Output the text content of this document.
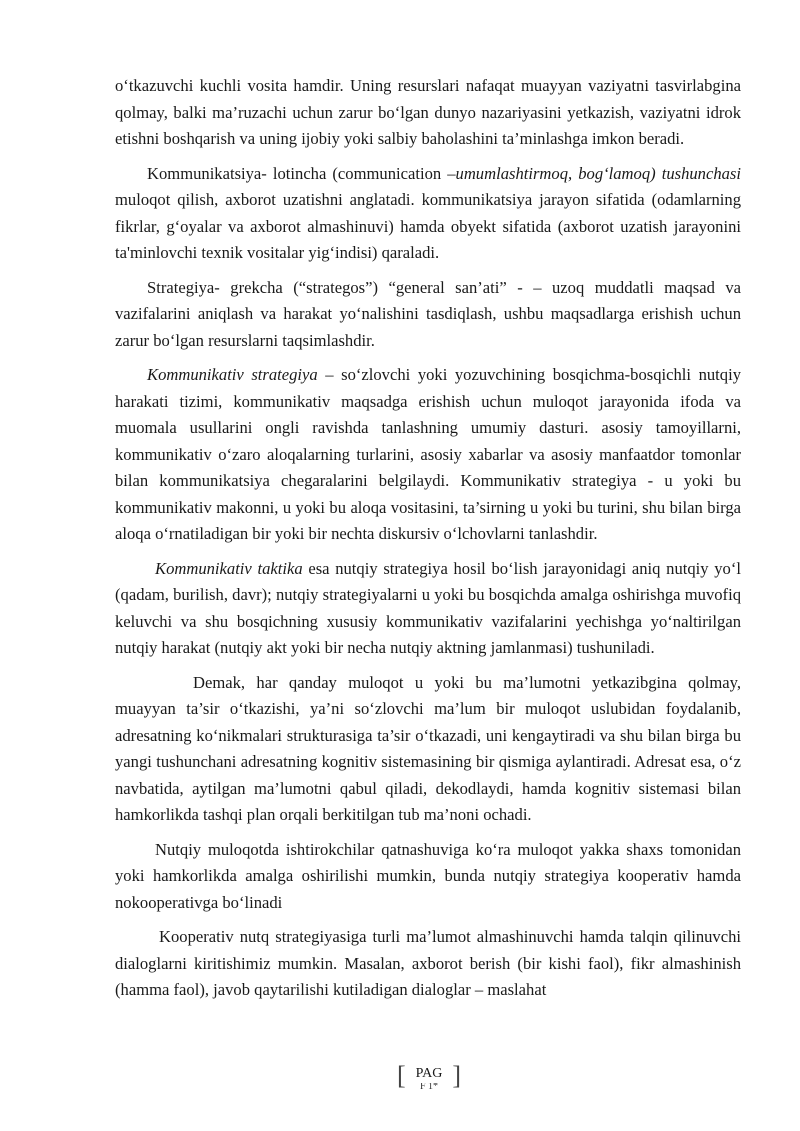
o‘tkazuvchi kuchli vosita hamdir. Uning resurslari nafaqat muayyan vaziyatni tasvirlabgina qolmay, balki ma’ruzachi uchun zarur bo‘lgan dunyo nazariyasini yetkazish, vaziyatni idrok etishni boshqarish va uning ijobiy yoki salbiy baholashini ta’minlashga imkon beradi.

Kommunikatsiya- lotincha (communication –umumlashtirmoq, bog‘lamoq) tushunchasi muloqot qilish, axborot uzatishni anglatadi. kommunikatsiya jarayon sifatida (odamlarning fikrlar, g‘oyalar va axborot almashinuvi) hamda obyekt sifatida (axborot uzatish jarayonini ta'minlovchi texnik vositalar yig‘indisi) qaraladi.

Strategiya- grekcha (“strategos”) “general san’ati” - – uzoq muddatli maqsad va vazifalarini aniqlash va harakat yo‘nalishini tasdiqlash, ushbu maqsadlarga erishish uchun zarur bo‘lgan resurslarni taqsimlashdir.

Kommunikativ strategiya – so‘zlovchi yoki yozuvchining bosqichma-bosqichli nutqiy harakati tizimi, kommunikativ maqsadga erishish uchun muloqot jarayonida ifoda va muomala usullarini ongli ravishda tanlashning umumiy dasturi. asosiy tamoyillarni, kommunikativ o‘zaro aloqalarning turlarini, asosiy xabarlar va asosiy manfaatdor tomonlar bilan kommunikatsiya chegaralarini belgilaydi. Kommunikativ strategiya - u yoki bu kommunikativ makonni, u yoki bu aloqa vositasini, ta’sirning u yoki bu turini, shu bilan birga aloqa o‘rnatiladigan bir yoki bir nechta diskursiv o‘lchovlarni tanlashdir.

Kommunikativ taktika esa nutqiy strategiya hosil bo‘lish jarayonidagi aniq nutqiy yo‘l (qadam, burilish, davr); nutqiy strategiyalarni u yoki bu bosqichda amalga oshirishga muvofiq keluvchi va shu bosqichning xususiy kommunikativ vazifalarini yechishga yo‘naltirilgan nutqiy harakat (nutqiy akt yoki bir necha nutqiy aktning jamlanmasi) tushuniladi.

Demak, har qanday muloqot u yoki bu ma’lumotni yetkazibgina qolmay, muayyan ta’sir o‘tkazishi, ya’ni so‘zlovchi ma’lum bir muloqot uslubidan foydalanib, adresatning ko‘nikmalari strukturasiga ta’sir o‘tkazadi, uni kengaytiradi va shu bilan birga bu yangi tushunchani adresatning kognitiv sistemasining bir qismiga aylantiradi. Adresat esa, o‘z navbatida, aytilgan ma’lumotni qabul qiladi, dekodlaydi, hamda kognitiv sistemasi bilan hamkorlikda tashqi plan orqali berkitilgan tub ma’noni ochadi.

Nutqiy muloqotda ishtirokchilar qatnashuviga ko‘ra muloqot yakka shaxs tomonidan yoki hamkorlikda amalga oshirilishi mumkin, bunda nutqiy strategiya kooperativ hamda nokooperativga bo‘linadi

Kooperativ nutq strategiyasiga turli ma’lumot almashinuvchi hamda talqin qilinuvchi dialoglarni kiritishimiz mumkin. Masalan, axborot berish (bir kishi faol), fikr almashinish (hamma faol), javob qaytarilishi kutiladigan dialoglar – maslahat

[ PAG
F 1* ]
